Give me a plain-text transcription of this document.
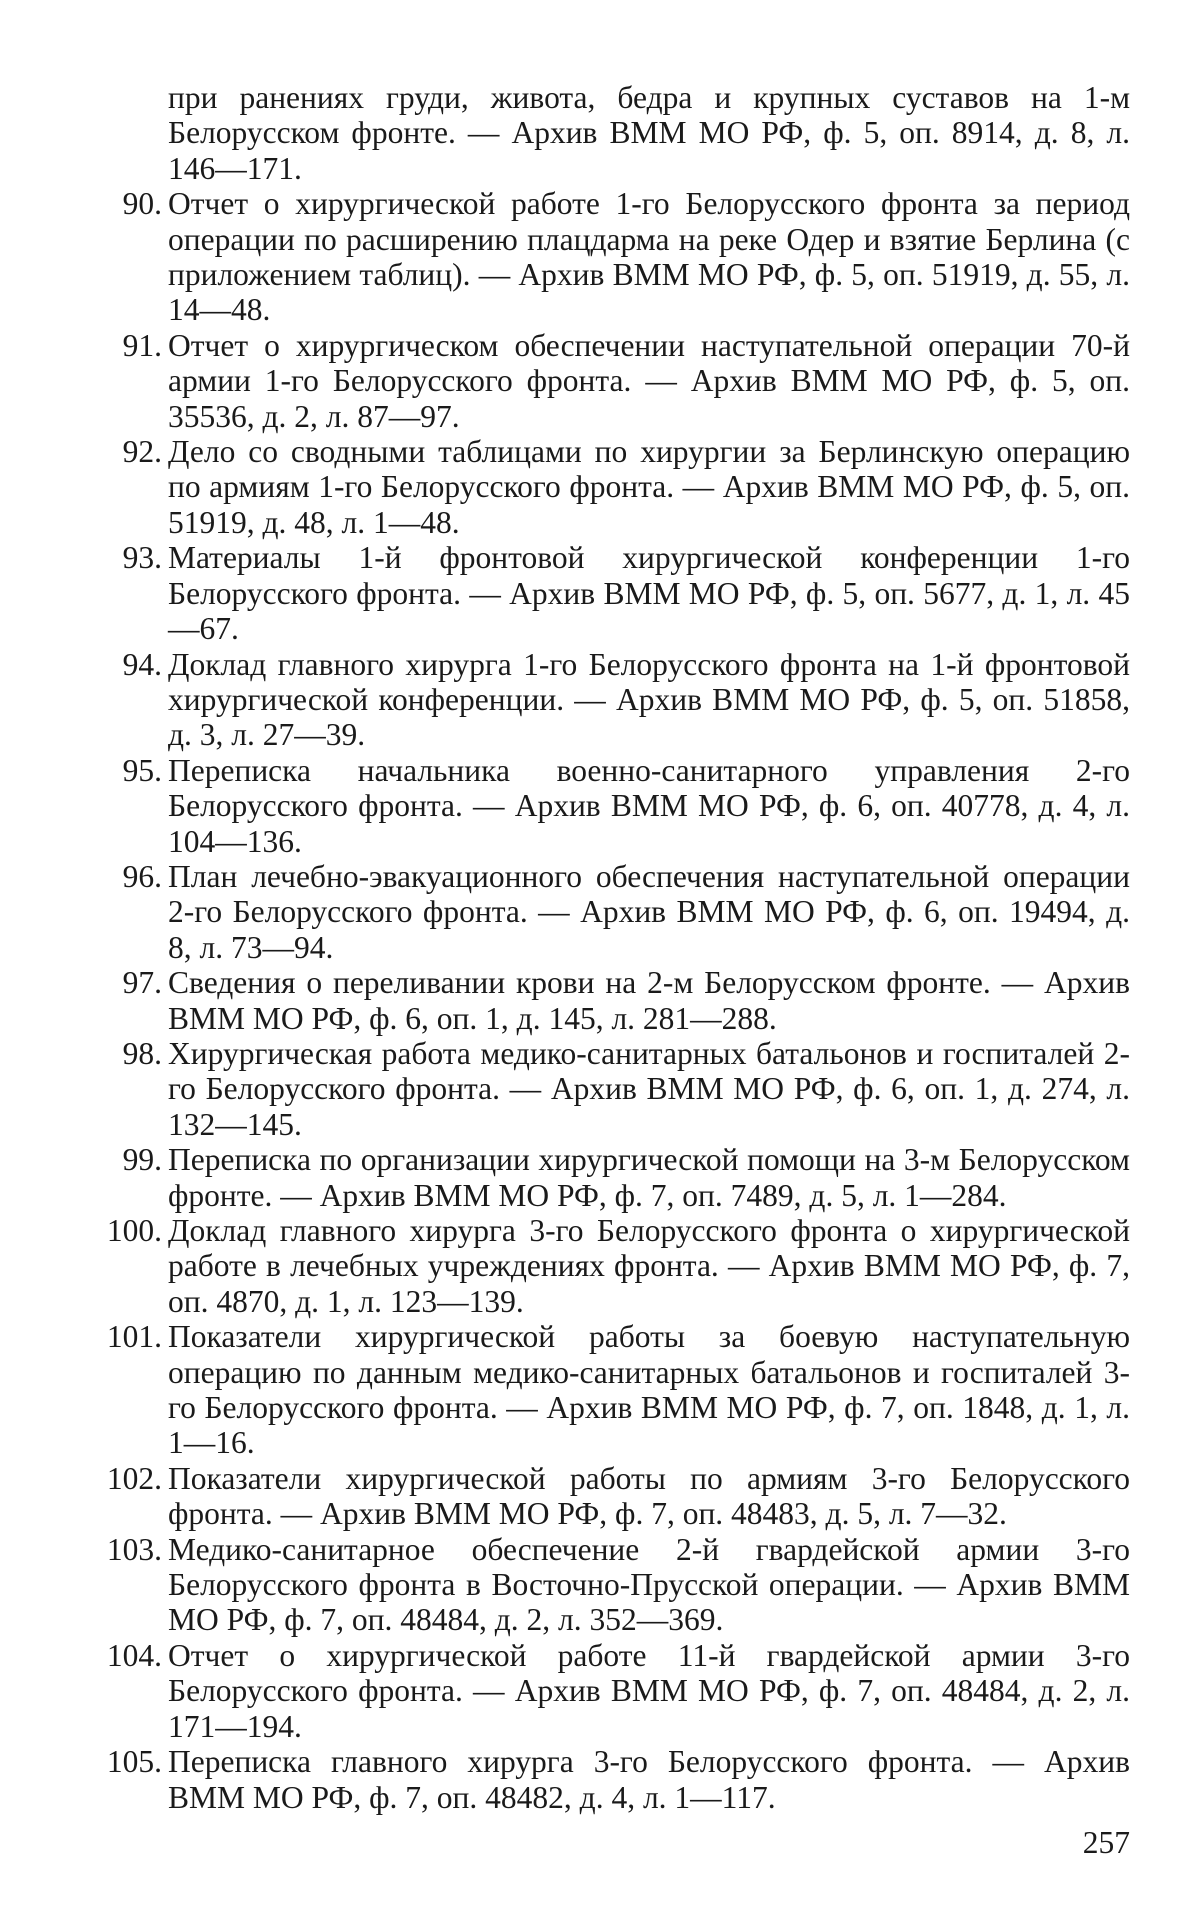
при ранениях груди, живота, бедра и крупных суставов на 1-м Белорусском фронте. — Архив ВММ МО РФ, ф. 5, оп. 8914, д. 8, л. 146—171.
90. Отчет о хирургической работе 1-го Белорусского фронта за период операции по расширению плацдарма на реке Одер и взятие Берлина (с приложением таблиц). — Архив ВММ МО РФ, ф. 5, оп. 51919, д. 55, л. 14—48.
91. Отчет о хирургическом обеспечении наступательной операции 70-й армии 1-го Белорусского фронта. — Архив ВММ МО РФ, ф. 5, оп. 35536, д. 2, л. 87—97.
92. Дело со сводными таблицами по хирургии за Берлинскую операцию по армиям 1-го Белорусского фронта. — Архив ВММ МО РФ, ф. 5, оп. 51919, д. 48, л. 1—48.
93. Материалы 1-й фронтовой хирургической конференции 1-го Белорусского фронта. — Архив ВММ МО РФ, ф. 5, оп. 5677, д. 1, л. 45—67.
94. Доклад главного хирурга 1-го Белорусского фронта на 1-й фронтовой хирургической конференции. — Архив ВММ МО РФ, ф. 5, оп. 51858, д. 3, л. 27—39.
95. Переписка начальника военно-санитарного управления 2-го Белорусского фронта. — Архив ВММ МО РФ, ф. 6, оп. 40778, д. 4, л. 104—136.
96. План лечебно-эвакуационного обеспечения наступательной операции 2-го Белорусского фронта. — Архив ВММ МО РФ, ф. 6, оп. 19494, д. 8, л. 73—94.
97. Сведения о переливании крови на 2-м Белорусском фронте. — Архив ВММ МО РФ, ф. 6, оп. 1, д. 145, л. 281—288.
98. Хирургическая работа медико-санитарных батальонов и госпиталей 2-го Белорусского фронта. — Архив ВММ МО РФ, ф. 6, оп. 1, д. 274, л. 132—145.
99. Переписка по организации хирургической помощи на 3-м Белорусском фронте. — Архив ВММ МО РФ, ф. 7, оп. 7489, д. 5, л. 1—284.
100. Доклад главного хирурга 3-го Белорусского фронта о хирургической работе в лечебных учреждениях фронта. — Архив ВММ МО РФ, ф. 7, оп. 4870, д. 1, л. 123—139.
101. Показатели хирургической работы за боевую наступательную операцию по данным медико-санитарных батальонов и госпиталей 3-го Белорусского фронта. — Архив ВММ МО РФ, ф. 7, оп. 1848, д. 1, л. 1—16.
102. Показатели хирургической работы по армиям 3-го Белорусского фронта. — Архив ВММ МО РФ, ф. 7, оп. 48483, д. 5, л. 7—32.
103. Медико-санитарное обеспечение 2-й гвардейской армии 3-го Белорусского фронта в Восточно-Прусской операции. — Архив ВММ МО РФ, ф. 7, оп. 48484, д. 2, л. 352—369.
104. Отчет о хирургической работе 11-й гвардейской армии 3-го Белорусского фронта. — Архив ВММ МО РФ, ф. 7, оп. 48484, д. 2, л. 171—194.
105. Переписка главного хирурга 3-го Белорусского фронта. — Архив ВММ МО РФ, ф. 7, оп. 48482, д. 4, л. 1—117.
257
